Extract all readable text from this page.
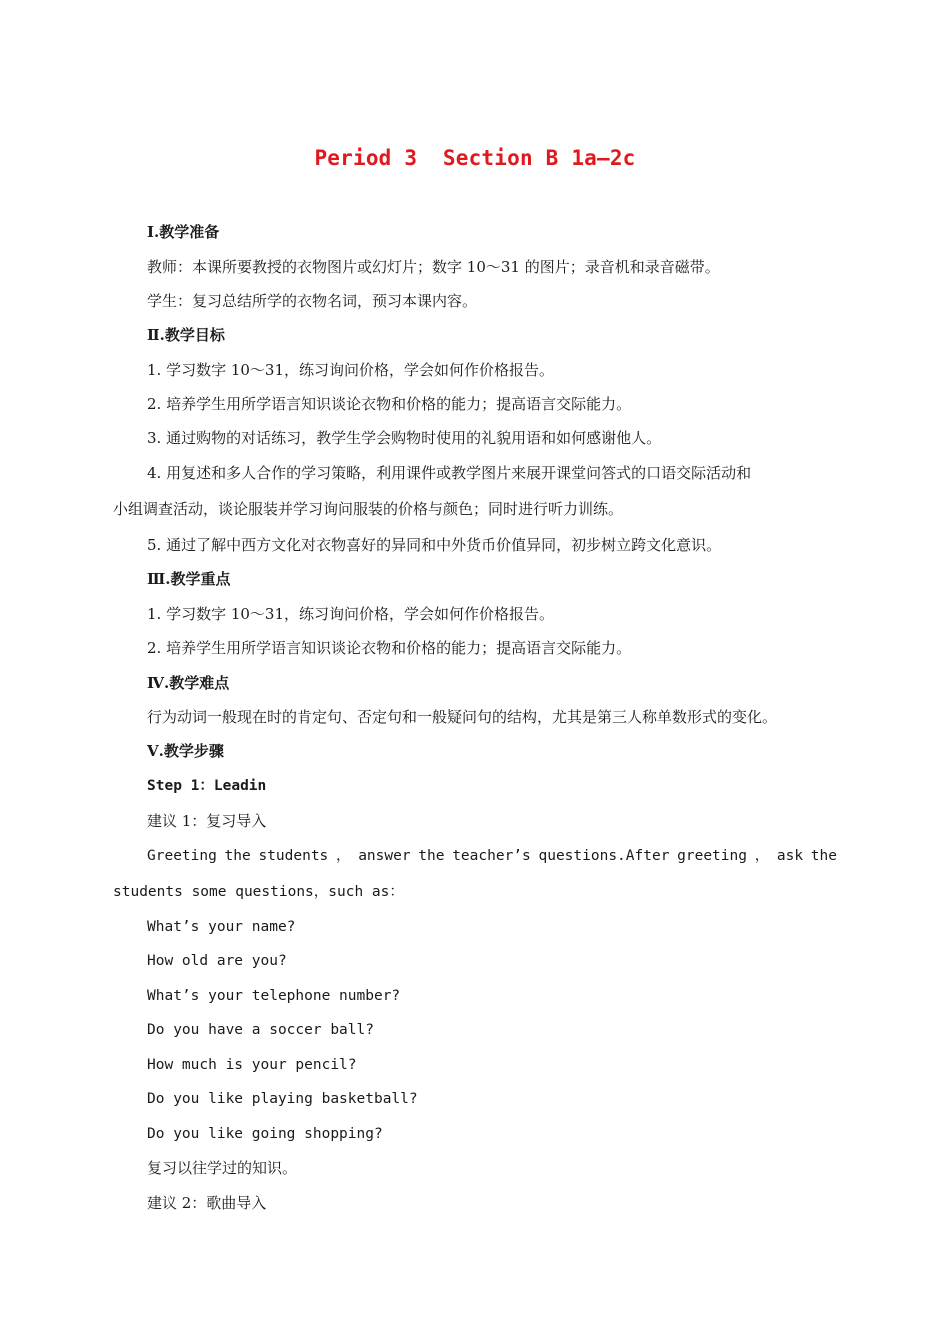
Period 3  Section B 1a—2c
Ⅰ.教学准备
教师：本课所要教授的衣物图片或幻灯片；数字 10～31 的图片；录音机和录音磁带。
学生：复习总结所学的衣物名词，预习本课内容。
Ⅱ.教学目标
1. 学习数字 10～31，练习询问价格，学会如何作价格报告。
2. 培养学生用所学语言知识谈论衣物和价格的能力；提高语言交际能力。
3. 通过购物的对话练习，教学生学会购物时使用的礼貌用语和如何感谢他人。
4. 用复述和多人合作的学习策略，利用课件或教学图片来展开课堂问答式的口语交际活动和
小组调查活动，谈论服装并学习询问服装的价格与颜色；同时进行听力训练。
5. 通过了解中西方文化对衣物喜好的异同和中外货币价值异同，初步树立跨文化意识。
Ⅲ.教学重点
1. 学习数字 10～31，练习询问价格，学会如何作价格报告。
2. 培养学生用所学语言知识谈论衣物和价格的能力；提高语言交际能力。
Ⅳ.教学难点
行为动词一般现在时的肯定句、否定句和一般疑问句的结构，尤其是第三人称单数形式的变化。
Ⅴ.教学步骤
Step 1：Leadin
建议 1：复习导入
Greeting the students ， answer the teacher’s questions.After greeting ， ask the
students some questions，such as：
What’s your name?
How old are you?
What’s your telephone number?
Do you have a soccer ball?
How much is your pencil?
Do you like playing basketball?
Do you like going shopping?
复习以往学过的知识。
建议 2：歌曲导入
